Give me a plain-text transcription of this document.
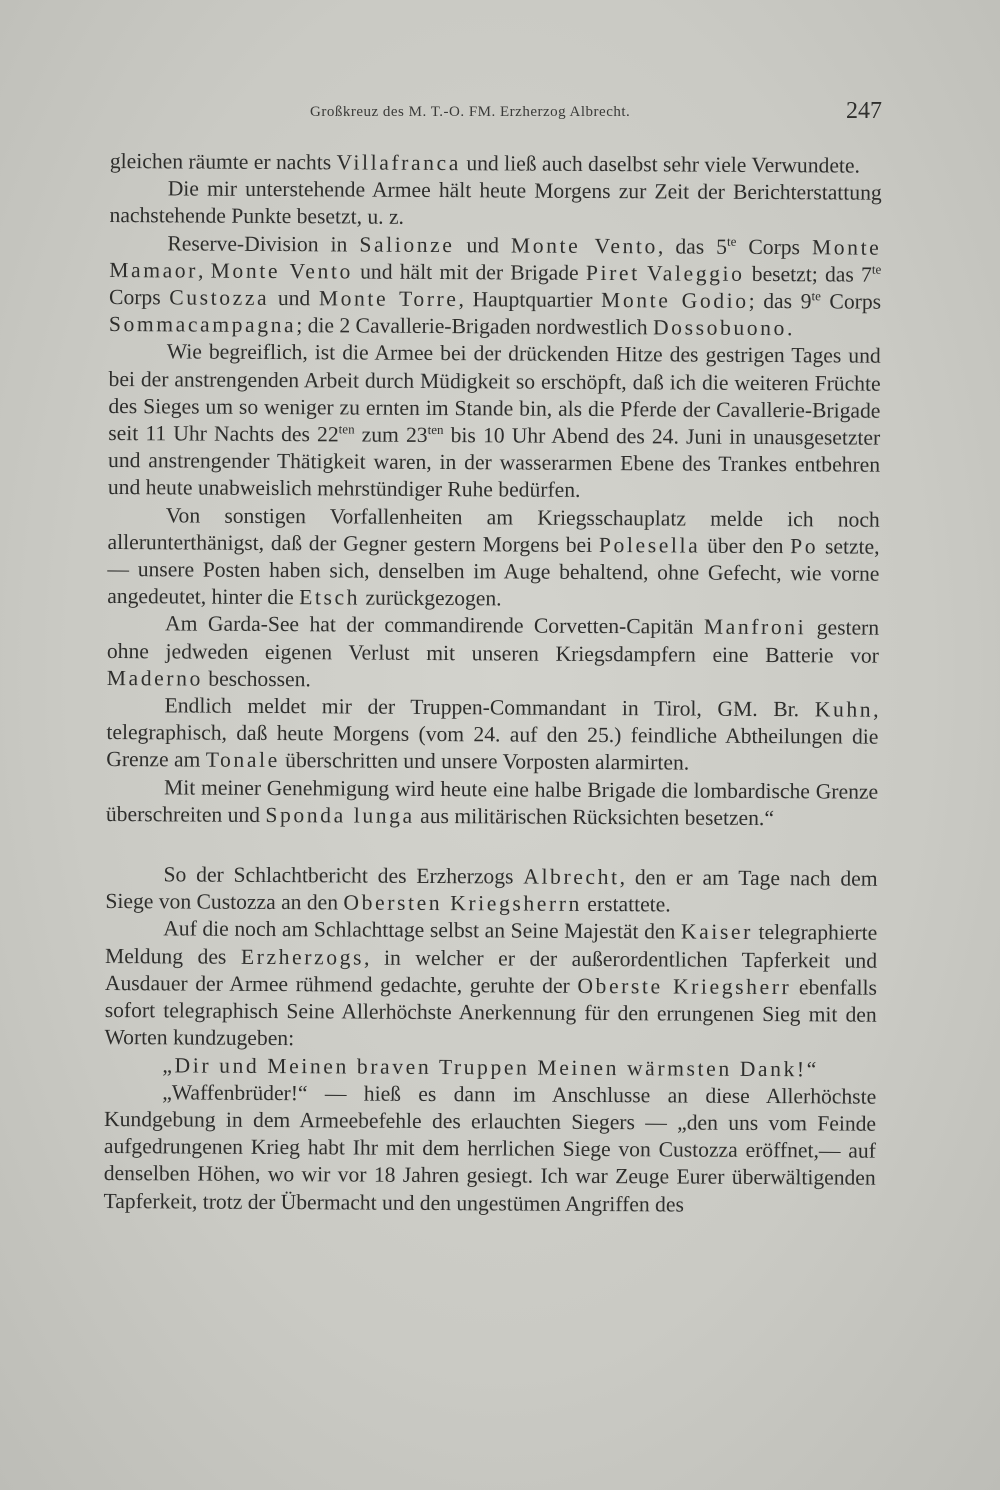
Großkreuz des M. T.-O. FM. Erzherzog Albrecht.	247

gleichen räumte er nachts Villafranca und ließ auch daselbst sehr viele Verwundete.

Die mir unterstehende Armee hält heute Morgens zur Zeit der Berichterstattung nachstehende Punkte besetzt, u. z.

Reserve-Division in Salionze und Monte Vento, das $5^{te}$ Corps Monte Mamaor, Monte Vento und hält mit der Brigade Piret Valeggio besetzt; das $7^{te}$ Corps Custozza und Monte Torre, Hauptquartier Monte Godio; das $9^{te}$ Corps Sommacampagna; die 2 Cavallerie-Brigaden nordwestlich Dossobuono.

Wie begreiflich, ist die Armee bei der drückenden Hitze des gestrigen Tages und bei der anstrengenden Arbeit durch Müdigkeit so erschöpft, daß ich die weiteren Früchte des Sieges um so weniger zu ernten im Stande bin, als die Pferde der Cavallerie-Brigade seit 11 Uhr Nachts des $22^{ten}$ zum $23^{ten}$ bis 10 Uhr Abend des 24. Juni in unausgesetzter und anstrengender Thätigkeit waren, in der wasserarmen Ebene des Trankes entbehren und heute unabweislich mehrstündiger Ruhe bedürfen.

Von sonstigen Vorfallenheiten am Kriegsschauplatz melde ich noch allerunterthänigst, daß der Gegner gestern Morgens bei Polesella über den Po setzte, — unsere Posten haben sich, denselben im Auge behaltend, ohne Gefecht, wie vorne angedeutet, hinter die Etsch zurückgezogen.

Am Garda-See hat der commandirende Corvetten-Capitän Manfroni gestern ohne jedweden eigenen Verlust mit unseren Kriegsdampfern eine Batterie vor Maderno beschossen.

Endlich meldet mir der Truppen-Commandant in Tirol, GM. Br. Kuhn, telegraphisch, daß heute Morgens (vom 24. auf den 25.) feindliche Abtheilungen die Grenze am Tonale überschritten und unsere Vorposten alarmirten.

Mit meiner Genehmigung wird heute eine halbe Brigade die lombardische Grenze überschreiten und Sponda lunga aus militärischen Rücksichten besetzen.“

So der Schlachtbericht des Erzherzogs Albrecht, den er am Tage nach dem Siege von Custozza an den Obersten Kriegsherrn erstattete.

Auf die noch am Schlachttage selbst an Seine Majestät den Kaiser telegraphierte Meldung des Erzherzogs, in welcher er der außerordentlichen Tapferkeit und Ausdauer der Armee rühmend gedachte, geruhte der Oberste Kriegsherr ebenfalls sofort telegraphisch Seine Allerhöchste Anerkennung für den errungenen Sieg mit den Worten kundzugeben:

„Dir und Meinen braven Truppen Meinen wärmsten Dank!“

„Waffenbrüder!“ — hieß es dann im Anschlusse an diese Allerhöchste Kundgebung in dem Armeebefehle des erlauchten Siegers — „den uns vom Feinde aufgedrungenen Krieg habt Ihr mit dem herrlichen Siege von Custozza eröffnet,— auf denselben Höhen, wo wir vor 18 Jahren gesiegt. Ich war Zeuge Eurer überwältigenden Tapferkeit, trotz der Übermacht und den ungestümen Angriffen des
